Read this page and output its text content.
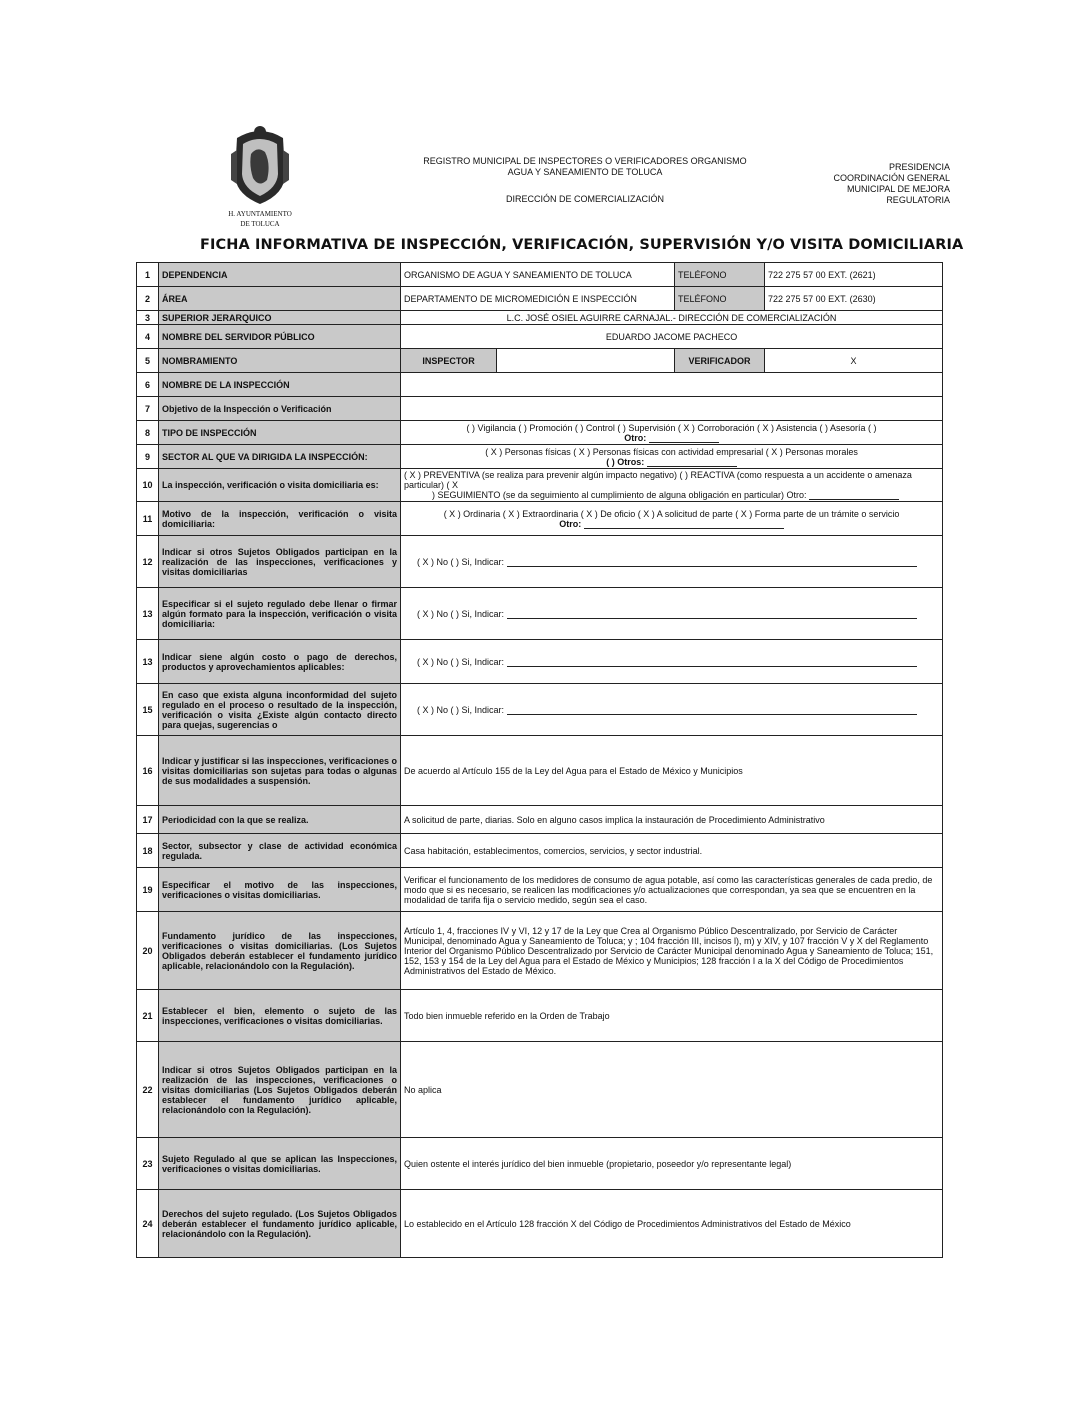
H. AYUNTAMIENTO
DE TOLUCA
REGISTRO MUNICIPAL DE INSPECTORES O VERIFICADORES ORGANISMO
AGUA Y SANEAMIENTO DE TOLUCA
DIRECCIÓN DE COMERCIALIZACIÓN
PRESIDENCIA
COORDINACIÓN GENERAL
MUNICIPAL DE MEJORA
REGULATORIA
FICHA INFORMATIVA DE INSPECCIÓN, VERIFICACIÓN, SUPERVISIÓN Y/O VISITA DOMICILIARIA
1	DEPENDENCIA	ORGANISMO DE AGUA Y SANEAMIENTO DE TOLUCA		TELÉFONO	722 275 57 00 EXT. (2621)
2	ÁREA	DEPARTAMENTO DE MICROMEDICIÓN E INSPECCIÓN		TELÉFONO	722 275 57 00 EXT. (2630)
3	SUPERIOR JERARQUICO	L.C. JOSÉ OSIEL AGUIRRE CARNAJAL.- DIRECCIÓN DE COMERCIALIZACIÓN			
4	NOMBRE DEL SERVIDOR PÚBLICO	EDUARDO JACOME PACHECO			
5	NOMBRAMIENTO	INSPECTOR		VERIFICADOR	X
6	NOMBRE DE LA INSPECCIÓN				
7	Objetivo de la Inspección o Verificación				
8	TIPO DE INSPECCIÓN	( ) Vigilancia ( ) Promoción ( ) Control ( ) Supervisión ( X ) Corroboración ( X ) Asistencia ( ) Asesoría ( )
Otro:			

9	SECTOR AL QUE VA DIRIGIDA LA INSPECCIÓN:	( X ) Personas físicas ( X ) Personas físicas con actividad empresarial ( X ) Personas morales
( ) Otros:			

10	La inspección, verificación o visita domiciliaria es:	( X ) PREVENTIVA (se realiza para prevenir algún impacto negativo) ( ) REACTIVA (como respuesta a un accidente o amenaza particular) ( X
) SEGUIMIENTO (se da seguimiento al cumplimiento de alguna obligación en particular) Otro:			

11	Motivo de la inspección, verificación o visita domiciliaria:	( X ) Ordinaria ( X ) Extraordinaria ( X ) De oficio ( X ) A solicitud de parte ( X ) Forma parte de un trámite o servicio
Otro:			

12	Indicar si otros Sujetos Obligados participan en la realización de las inspecciones, verificaciones y visitas domiciliarias	( X ) No ( ) Si, Indicar:			
13	Especificar si el sujeto regulado debe llenar o firmar algún formato para la inspección, verificación o visita domiciliaria:	( X ) No ( ) Si, Indicar:			
13	Indicar siene algún costo o pago de derechos, productos y aprovechamientos aplicables:	( X ) No ( ) Si, Indicar:			
15	En caso que exista alguna inconformidad del sujeto regulado en el proceso o resultado de la inspección, verificación o visita ¿Existe algún contacto directo para quejas, sugerencias o	( X ) No ( ) Si, Indicar:			
16	Indicar y justificar si las inspecciones, verificaciones o visitas domiciliarias son sujetas para todas o algunas de sus modalidades a suspensión.	De acuerdo al Artículo 155 de la Ley del Agua para el Estado de México y Municipios			
17	Periodicidad con la que se realiza.	A solicitud de parte, diarias. Solo en alguno casos implica la instauración de Procedimiento Administrativo			
18	Sector, subsector y clase de actividad económica regulada.	Casa habitación, establecimentos, comercios, servicios, y sector industrial.			
19	Especificar el motivo de las inspecciones, verificaciones o visitas domiciliarias.	Verificar el funcionamento de los medidores de consumo de agua potable, así como las características generales de cada predio, de modo que si es necesario, se realicen las modificaciones y/o actualizaciones que correspondan, ya sea que se encuentren en la modalidad de tarifa fija o servicio medido, según sea el caso.			
20	Fundamento jurídico de las inspecciones, verificaciones o visitas domiciliarias. (Los Sujetos Obligados deberán establecer el fundamento jurídico aplicable, relacionándolo con la Regulación).	Artículo 1, 4, fracciones IV y VI, 12 y 17 de la Ley que Crea al Organismo Público Descentralizado, por Servicio de Carácter Municipal, denominado Agua y Saneamiento de Toluca; y ; 104 fracción III, incisos l), m) y XIV, y 107 fracción V y X del Reglamento Interior del Organismo Público Descentralizado por Servicio de Carácter Municipal denominado Agua y Saneamiento de Toluca; 151, 152, 153 y 154 de la Ley del Agua para el Estado de México y Municipios; 128 fracción I a la X del Código de Procedimientos Administrativos del Estado de México.			
21	Establecer el bien, elemento o sujeto de las inspecciones, verificaciones o visitas domiciliarias.	Todo bien inmueble referido en la Orden de Trabajo			
22	Indicar si otros Sujetos Obligados participan en la realización de las inspecciones, verificaciones o visitas domiciliarias (Los Sujetos Obligados deberán establecer el fundamento jurídico aplicable, relacionándolo con la Regulación).	No aplica			
23	Sujeto Regulado al que se aplican las Inspecciones, verificaciones o visitas domiciliarias.	Quien ostente el interés jurídico del bien inmueble (propietario, poseedor y/o representante legal)			
24	Derechos del sujeto regulado. (Los Sujetos Obligados deberán establecer el fundamento jurídico aplicable, relacionándolo con la Regulación).	Lo establecido en el Artículo 128 fracción X del Código de Procedimientos Administrativos del Estado de México			
